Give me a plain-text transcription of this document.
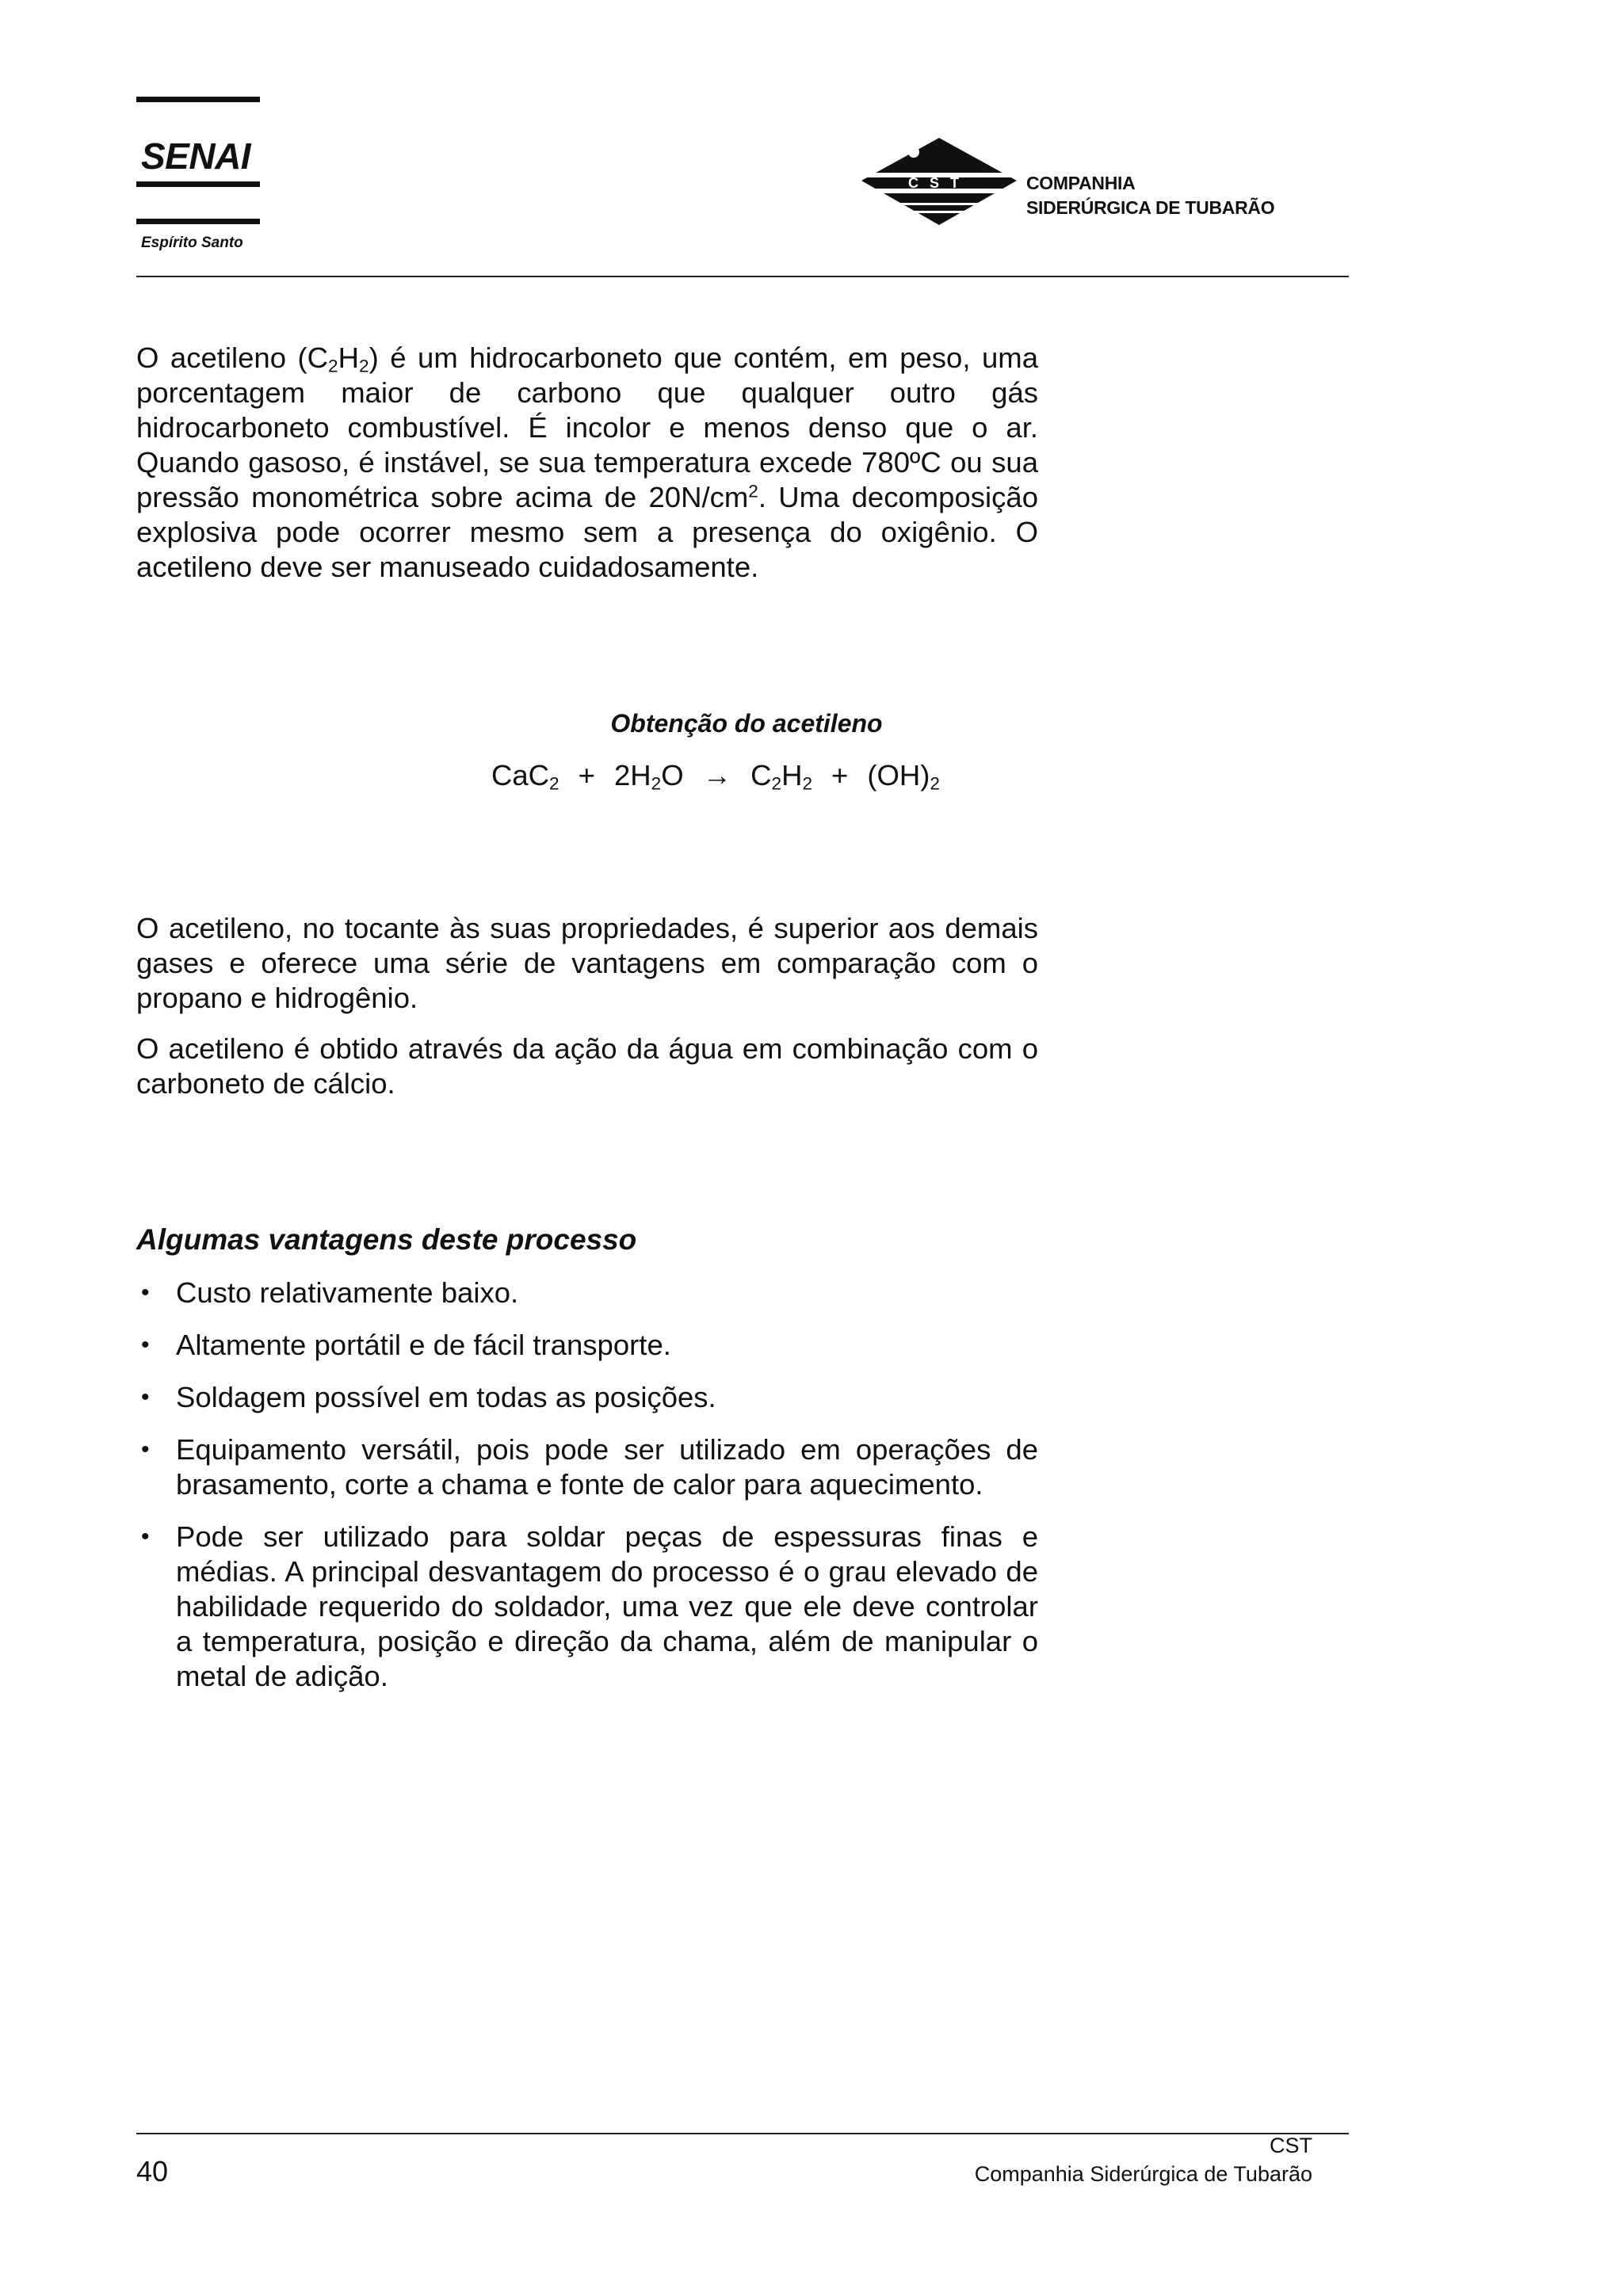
SENAI
Espírito Santo
CST	COMPANHIA
SIDERÚRGICA DE TUBARÃO

O acetileno $(C_2H_2)$ é um hidrocarboneto que contém, em peso, uma porcentagem maior de carbono que qualquer outro gás hidrocarboneto combustível. É incolor e menos denso que o ar. Quando gasoso, é instável, se sua temperatura excede 780ºC ou sua pressão monométrica sobre acima de $20N/cm^2$. Uma decomposição explosiva pode ocorrer mesmo sem a presença do oxigênio. O acetileno deve ser manuseado cuidadosamente.

Obtenção do acetileno
$CaC_2 + 2H_2O \to C_2H_2 + (OH)_2$

O acetileno, no tocante às suas propriedades, é superior aos demais gases e oferece uma série de vantagens em comparação com o propano e hidrogênio.

O acetileno é obtido através da ação da água em combinação com o carboneto de cálcio.

Algumas vantagens deste processo
• Custo relativamente baixo.
• Altamente portátil e de fácil transporte.
• Soldagem possível em todas as posições.
• Equipamento versátil, pois pode ser utilizado em operações de brasamento, corte a chama e fonte de calor para aquecimento.
• Pode ser utilizado para soldar peças de espessuras finas e médias. A principal desvantagem do processo é o grau elevado de habilidade requerido do soldador, uma vez que ele deve controlar a temperatura, posição e direção da chama, além de manipular o metal de adição.
40
CST
Companhia Siderúrgica de Tubarão
